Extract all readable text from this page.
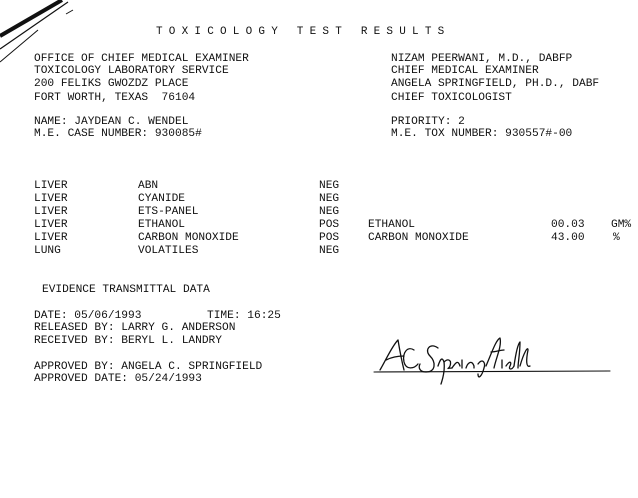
TOXICOLOGY TEST RESULTS
OFFICE OF CHIEF MEDICAL EXAMINER
TOXICOLOGY LABORATORY SERVICE
200 FELIKS GWOZDZ PLACE
FORT WORTH, TEXAS  76104
NIZAM PEERWANI, M.D., DABFP
CHIEF MEDICAL EXAMINER
ANGELA SPRINGFIELD, PH.D., DABF
CHIEF TOXICOLOGIST
NAME: JAYDEAN C. WENDEL
M.E. CASE NUMBER: 930085#
PRIORITY: 2
M.E. TOX NUMBER: 930557#-00
LIVER	ABN	NEG
LIVER	CYANIDE	NEG
LIVER	ETS-PANEL	NEG
LIVER	ETHANOL	POS	ETHANOL	00.03 GM%
LIVER	CARBON MONOXIDE	POS	CARBON MONOXIDE	43.00	%
LUNG	VOLATILES	NEG
EVIDENCE TRANSMITTAL DATA
DATE: 05/06/1993	TIME: 16:25
RELEASED BY: LARRY G. ANDERSON
RECEIVED BY: BERYL L. LANDRY
APPROVED BY: ANGELA C. SPRINGFIELD
APPROVED DATE: 05/24/1993
